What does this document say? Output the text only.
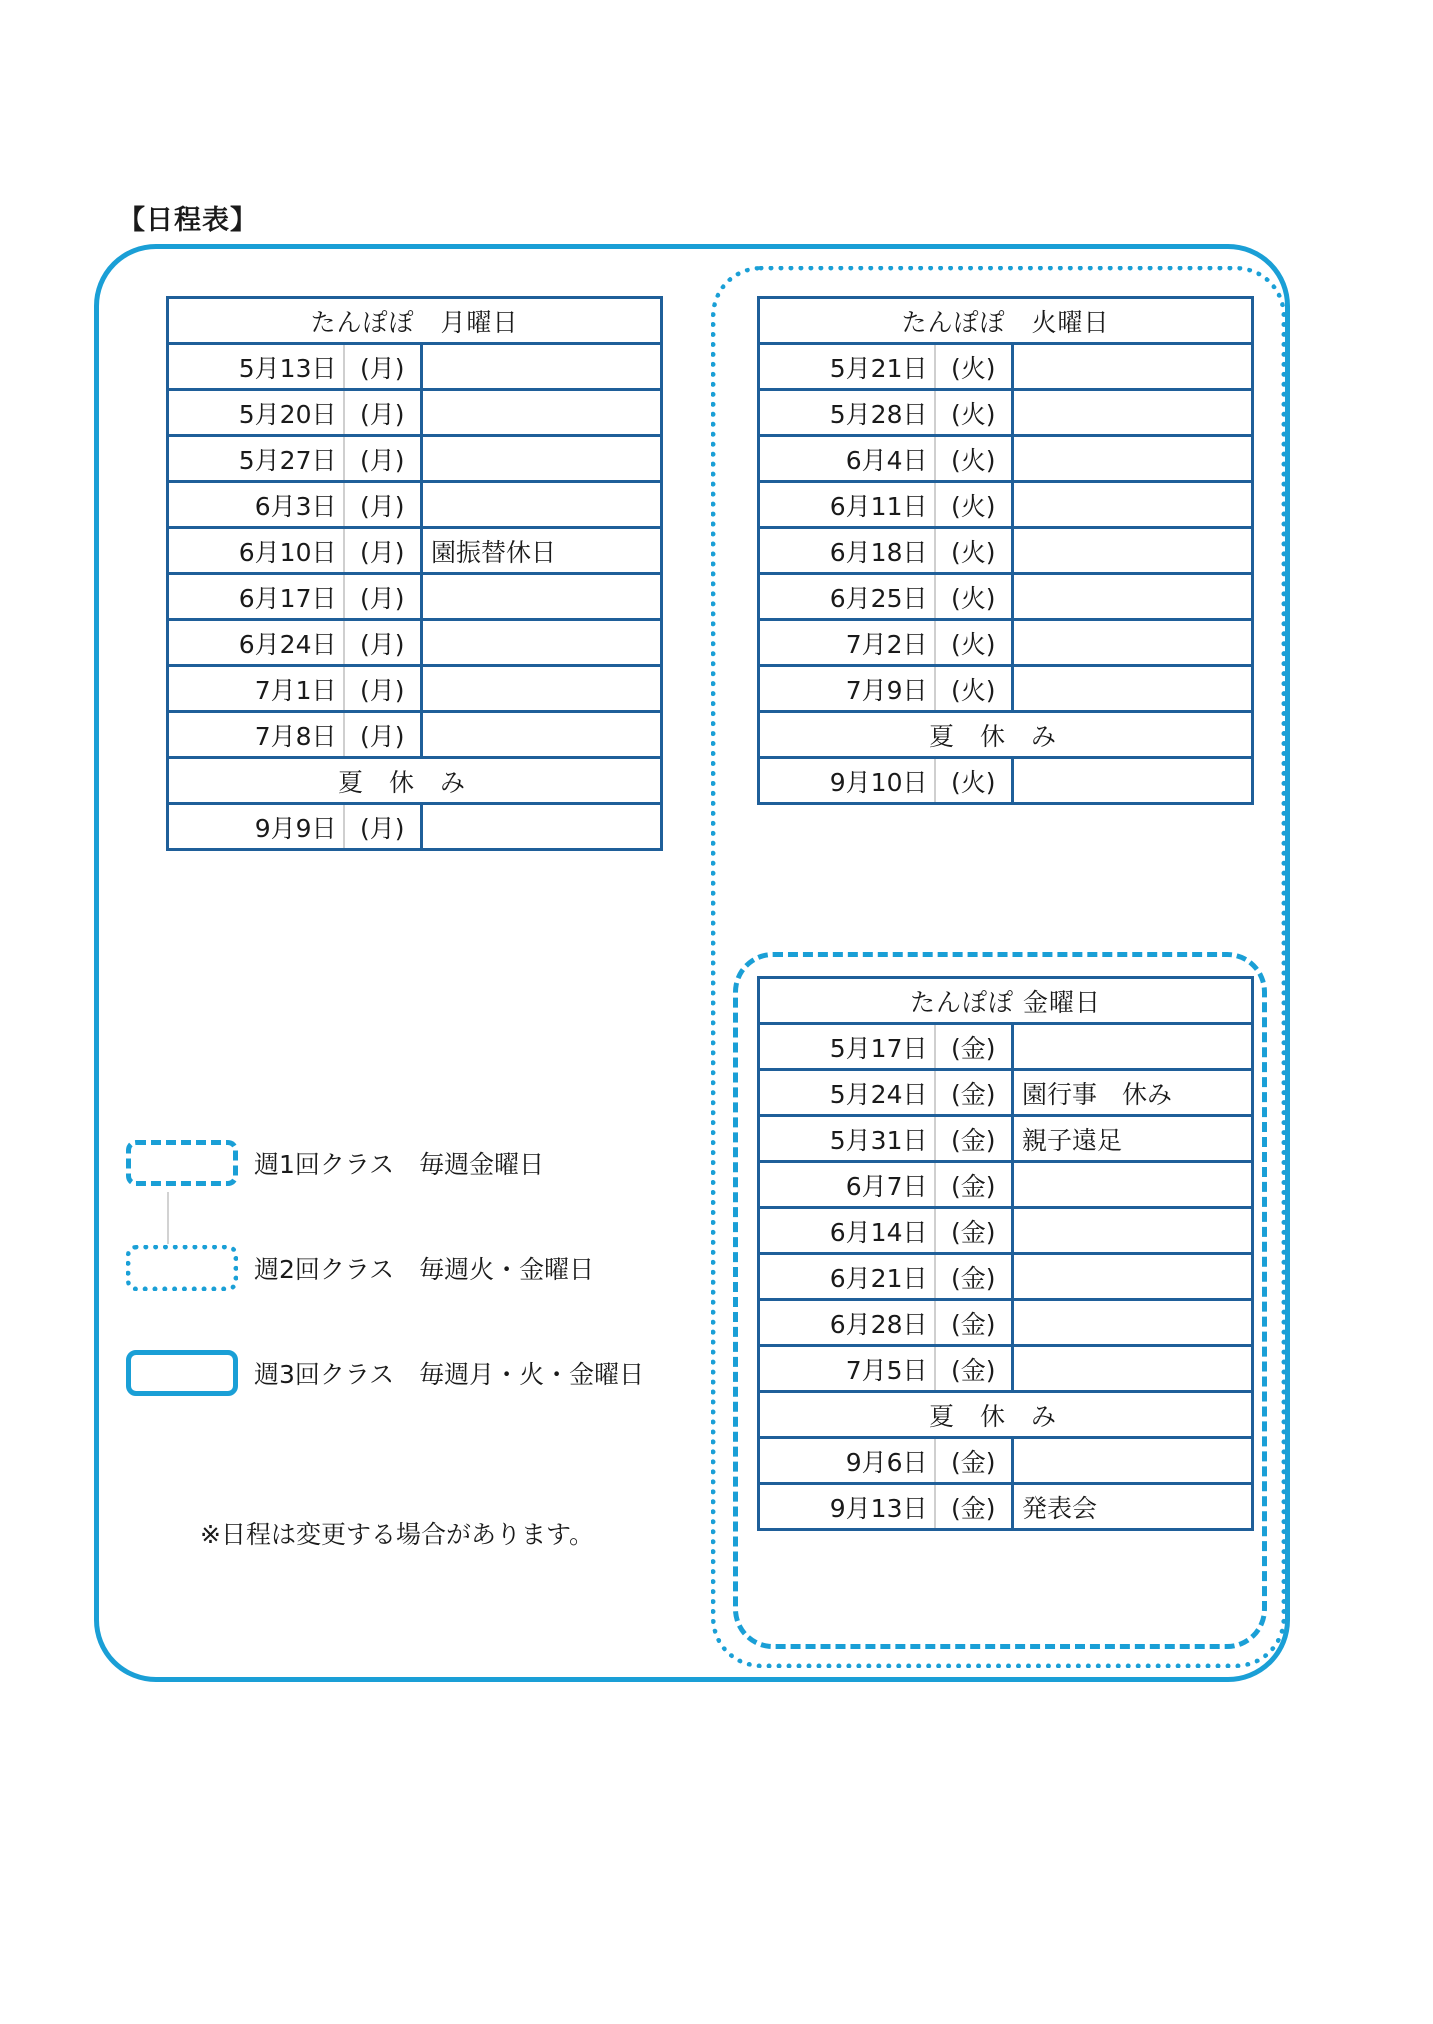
【日程表】
たんぽぽ　月曜日		
5月13日	(月)	
5月20日	(月)	
5月27日	(月)	
6月3日	(月)	
6月10日	(月)	園振替休日
6月17日	(月)	
6月24日	(月)	
7月1日	(月)	
7月8日	(月)	
夏休み		
9月9日	(月)	
たんぽぽ　火曜日		
5月21日	(火)	
5月28日	(火)	
6月4日	(火)	
6月11日	(火)	
6月18日	(火)	
6月25日	(火)	
7月2日	(火)	
7月9日	(火)	
夏休み		
9月10日	(火)	
たんぽぽ 金曜日		
5月17日	(金)	
5月24日	(金)	園行事　休み
5月31日	(金)	親子遠足
6月7日	(金)	
6月14日	(金)	
6月21日	(金)	
6月28日	(金)	
7月5日	(金)	
夏休み		
9月6日	(金)	
9月13日	(金)	発表会
週1回クラス　毎週金曜日
週2回クラス　毎週火・金曜日
週3回クラス　毎週月・火・金曜日
※日程は変更する場合があります。
